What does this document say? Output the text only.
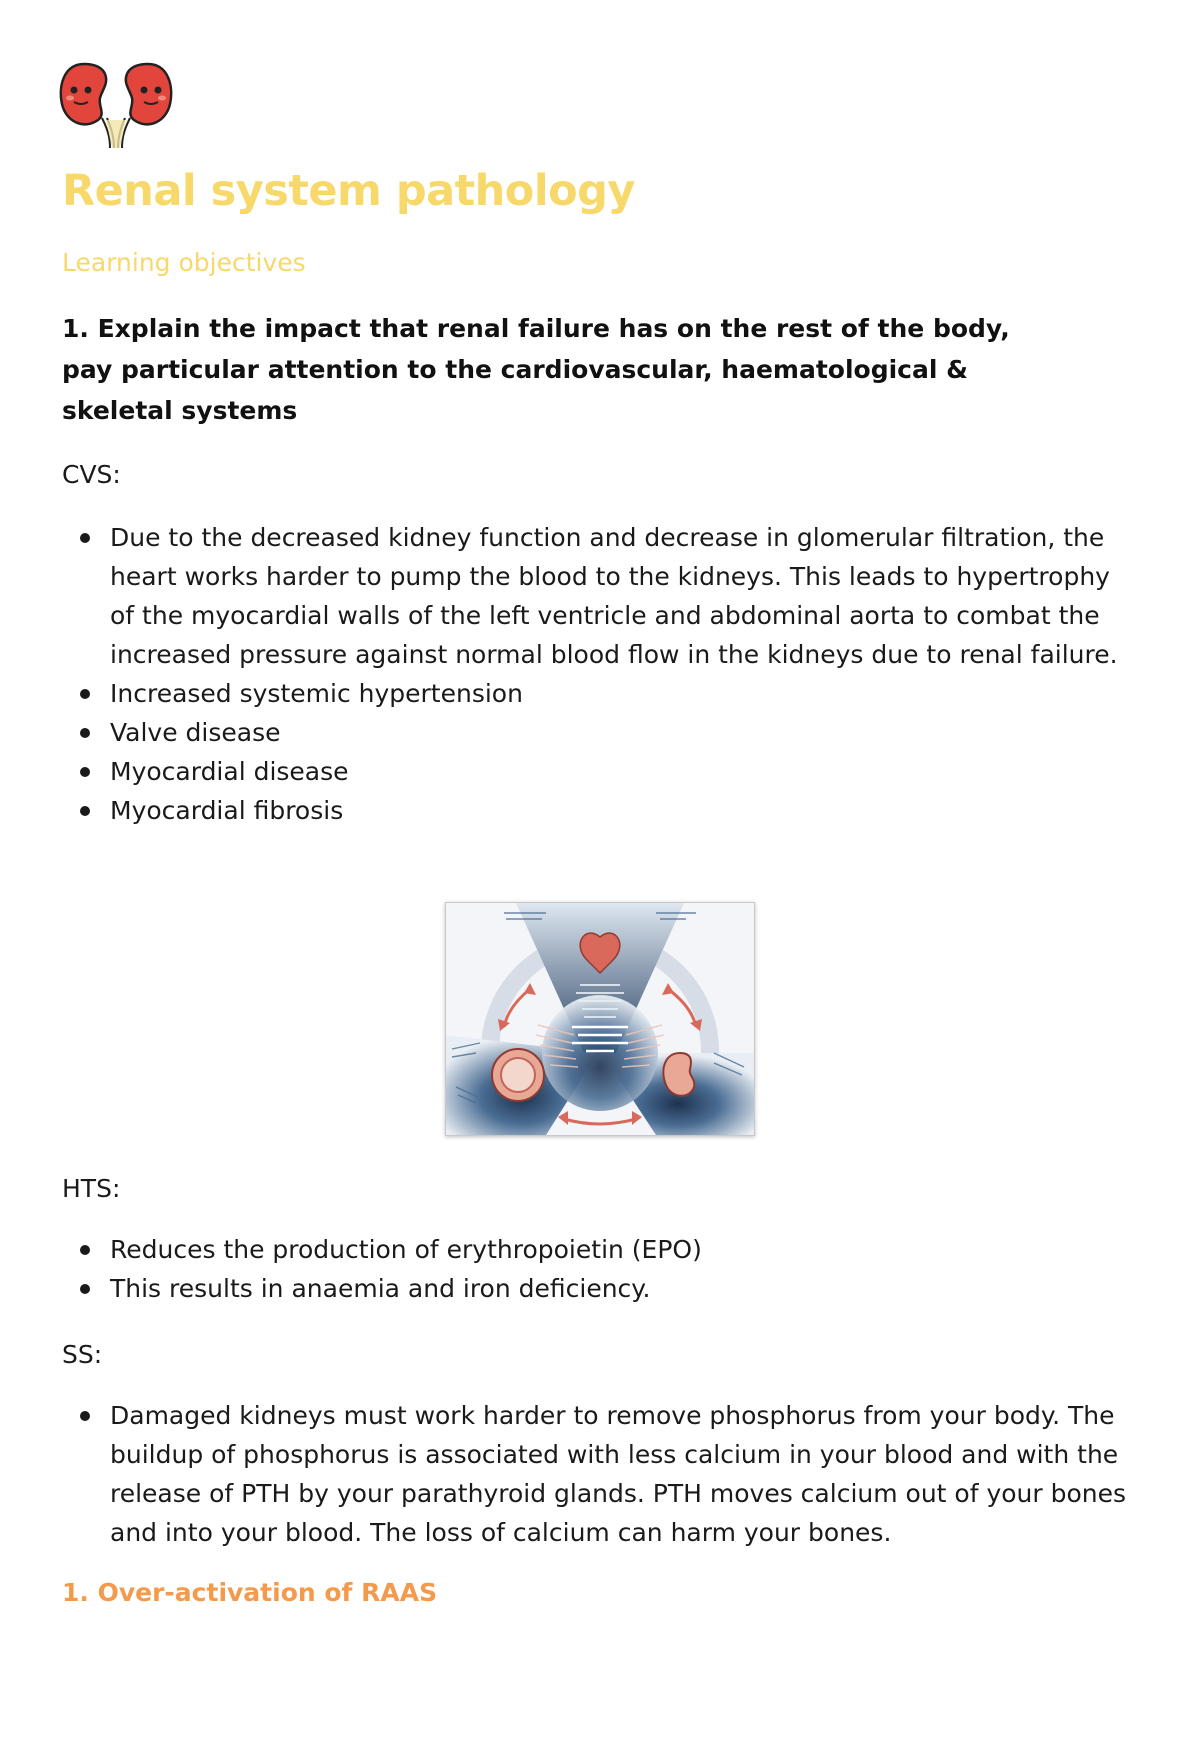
Renal system pathology

Learning objectives

1. Explain the impact that renal failure has on the rest of the body, pay particular attention to the cardiovascular, haematological & skeletal systems

CVS:

Due to the decreased kidney function and decrease in glomerular filtration, the heart works harder to pump the blood to the kidneys. This leads to hypertrophy of the myocardial walls of the left ventricle and abdominal aorta to combat the increased pressure against normal blood flow in the kidneys due to renal failure.
Increased systemic hypertension
Valve disease
Myocardial disease
Myocardial fibrosis

HTS:

Reduces the production of erythropoietin (EPO)
This results in anaemia and iron deficiency.

SS:

Damaged kidneys must work harder to remove phosphorus from your body. The buildup of phosphorus is associated with less calcium in your blood and with the release of PTH by your parathyroid glands. PTH moves calcium out of your bones and into your blood. The loss of calcium can harm your bones.
1. Over-activation of RAAS
